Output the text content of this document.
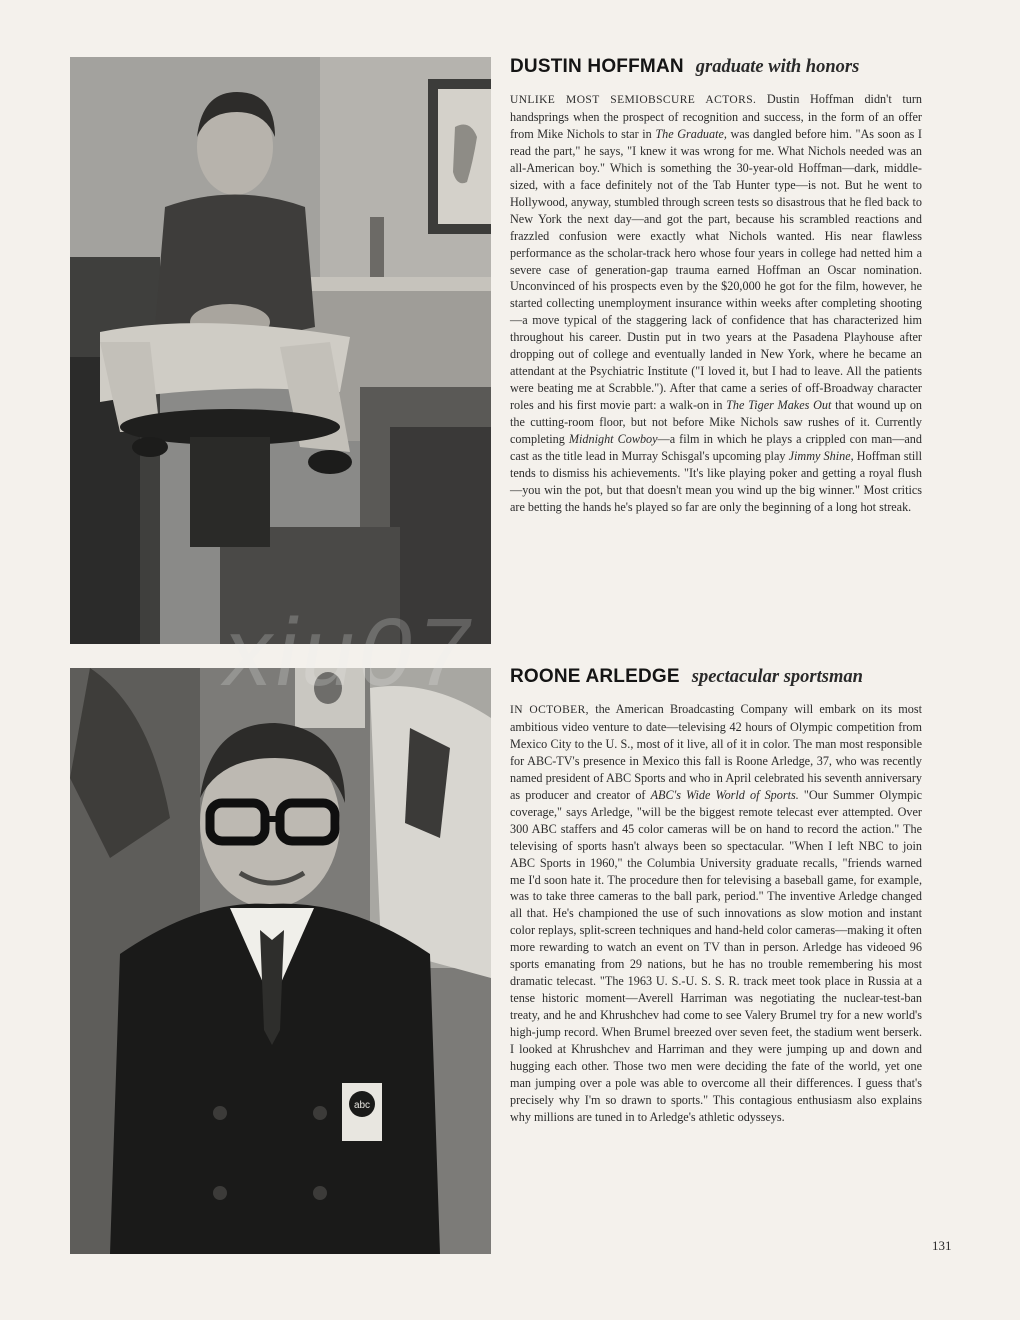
abc
DUSTIN HOFFMAN graduate with honors

UNLIKE MOST SEMIOBSCURE ACTORS. Dustin Hoffman didn't turn handsprings when the prospect of recognition and success, in the form of an offer from Mike Nichols to star in The Graduate, was dangled before him. "As soon as I read the part," he says, "I knew it was wrong for me. What Nichols needed was an all-American boy." Which is something the 30-year-old Hoffman—dark, middle-sized, with a face definitely not of the Tab Hunter type—is not. But he went to Hollywood, anyway, stumbled through screen tests so disastrous that he fled back to New York the next day—and got the part, because his scrambled reactions and frazzled confusion were exactly what Nichols wanted. His near flawless performance as the scholar-track hero whose four years in college had netted him a severe case of generation-gap trauma earned Hoffman an Oscar nomination. Unconvinced of his prospects even by the $20,000 he got for the film, however, he started collecting unemployment insurance within weeks after completing shooting—a move typical of the staggering lack of confidence that has characterized him throughout his career. Dustin put in two years at the Pasadena Playhouse after dropping out of college and eventually landed in New York, where he became an attendant at the Psychiatric Institute ("I loved it, but I had to leave. All the patients were beating me at Scrabble."). After that came a series of off-Broadway character roles and his first movie part: a walk-on in The Tiger Makes Out that wound up on the cutting-room floor, but not before Mike Nichols saw rushes of it. Currently completing Midnight Cowboy—a film in which he plays a crippled con man—and cast as the title lead in Murray Schisgal's upcoming play Jimmy Shine, Hoffman still tends to dismiss his achievements. "It's like playing poker and getting a royal flush—you win the pot, but that doesn't mean you wind up the big winner." Most critics are betting the hands he's played so far are only the beginning of a long hot streak.

ROONE ARLEDGE spectacular sportsman

IN OCTOBER, the American Broadcasting Company will embark on its most ambitious video venture to date—televising 42 hours of Olympic competition from Mexico City to the U. S., most of it live, all of it in color. The man most responsible for ABC-TV's presence in Mexico this fall is Roone Arledge, 37, who was recently named president of ABC Sports and who in April celebrated his seventh anniversary as producer and creator of ABC's Wide World of Sports. "Our Summer Olympic coverage," says Arledge, "will be the biggest remote telecast ever attempted. Over 300 ABC staffers and 45 color cameras will be on hand to record the action." The televising of sports hasn't always been so spectacular. "When I left NBC to join ABC Sports in 1960," the Columbia University graduate recalls, "friends warned me I'd soon hate it. The procedure then for televising a baseball game, for example, was to take three cameras to the ball park, period." The inventive Arledge changed all that. He's championed the use of such innovations as slow motion and instant color replays, split-screen techniques and hand-held color cameras—making it often more rewarding to watch an event on TV than in person. Arledge has videoed 96 sports emanating from 29 nations, but he has no trouble remembering his most dramatic telecast. "The 1963 U. S.-U. S. S. R. track meet took place in Russia at a tense historic moment—Averell Harriman was negotiating the nuclear-test-ban treaty, and he and Khrushchev had come to see Valery Brumel try for a new world's high-jump record. When Brumel breezed over seven feet, the stadium went berserk. I looked at Khrushchev and Harriman and they were jumping up and down and hugging each other. Those two men were deciding the fate of the world, yet one man jumping over a pole was able to overcome all their differences. I guess that's precisely why I'm so drawn to sports." This contagious enthusiasm also explains why millions are tuned in to Arledge's athletic odysseys.

131
xiu07
